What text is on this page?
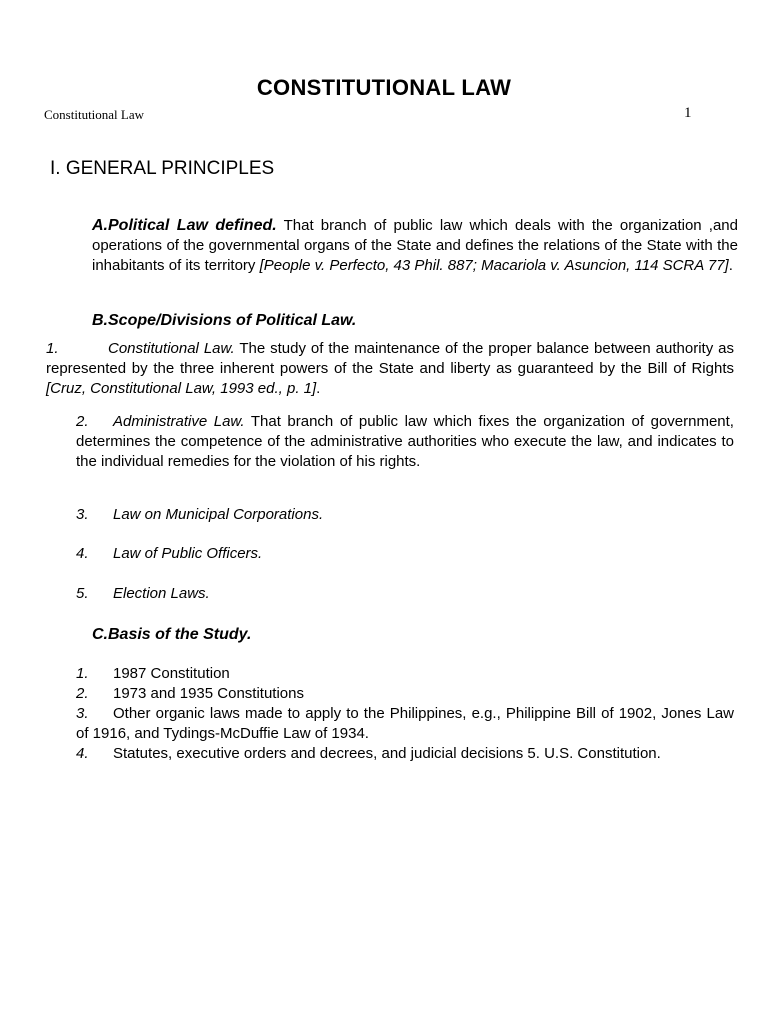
CONSTITUTIONAL LAW
Constitutional Law	1
I. GENERAL PRINCIPLES
A.Political Law defined. That branch of public law which deals with the organization ,and operations of the governmental organs of the State and defines the relations of the State with the inhabitants of its territory [People v. Perfecto, 43 Phil. 887; Macariola v. Asuncion, 114 SCRA 77].
B.Scope/Divisions of Political Law.
1.	Constitutional Law. The study of the maintenance of the proper balance between authority as represented by the three inherent powers of the State and liberty as guaranteed by the Bill of Rights [Cruz, Constitutional Law, 1993 ed., p. 1].
2. Administrative Law. That branch of public law which fixes the organization of government, determines the competence of the administrative authorities who execute the law, and indicates to the individual remedies for the violation of his rights.
3. Law on Municipal Corporations.
4. Law of Public Officers.
5. Election Laws.
C.Basis of the Study.
1. 1987 Constitution
2. 1973 and 1935 Constitutions
3. Other organic laws made to apply to the Philippines, e.g., Philippine Bill of 1902, Jones Law of 1916, and Tydings-McDuffie Law of 1934.
4. Statutes, executive orders and decrees, and judicial decisions 5. U.S. Constitution.
